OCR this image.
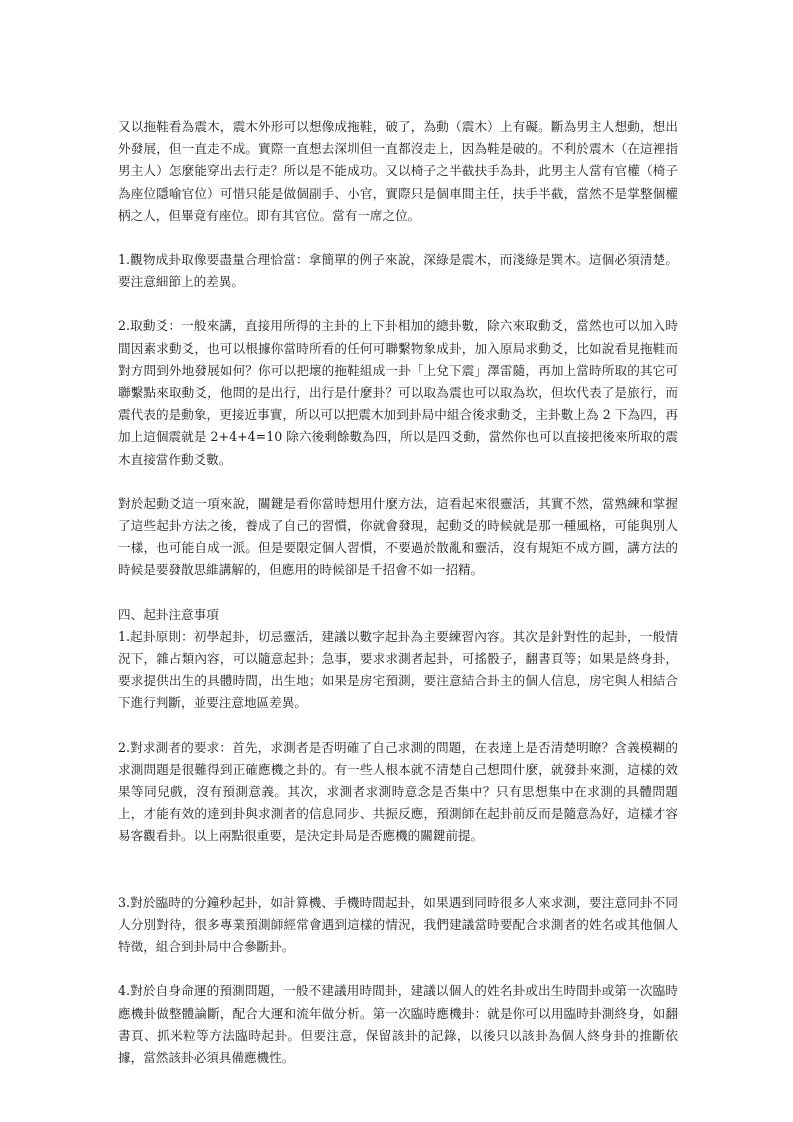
又以拖鞋看為震木，震木外形可以想像成拖鞋，破了，為動（震木）上有礙。斷為男主人想動，想出外發展，但一直走不成。實際一直想去深圳但一直都沒走上，因為鞋是破的。不利於震木（在這裡指男主人）怎麼能穿出去行走？所以是不能成功。又以椅子之半截扶手為卦，此男主人當有官權（椅子為座位隱喻官位）可惜只能是做個副手、小官，實際只是個車間主任，扶手半截，當然不是掌整個權柄之人，但畢竟有座位。即有其官位。當有一席之位。

1.觀物成卦取像要盡量合理恰當：拿簡單的例子來說，深綠是震木，而淺綠是巽木。這個必須清楚。要注意細節上的差異。

2.取動爻：一般來講，直接用所得的主卦的上下卦相加的總卦數，除六來取動爻，當然也可以加入時間因素求動爻，也可以根據你當時所看的任何可聯繫物象成卦，加入原局求動爻，比如說看見拖鞋而對方問到外地發展如何？你可以把壞的拖鞋組成一卦「上兌下震」澤雷隨，再加上當時所取的其它可聯繫點來取動爻，他問的是出行，出行是什麼卦？可以取為震也可以取為坎，但坎代表了是旅行，而震代表的是動象，更接近事實，所以可以把震木加到卦局中組合後求動爻，主卦數上為 2 下為四，再加上這個震就是 2+4+4=10 除六後剩餘數為四，所以是四爻動，當然你也可以直接把後來所取的震木直接當作動爻數。

對於起動爻這一項來說，關鍵是看你當時想用什麼方法，這看起來很靈活，其實不然，當熟練和掌握了這些起卦方法之後，養成了自己的習慣，你就會發現，起動爻的時候就是那一種風格，可能與別人一樣，也可能自成一派。但是要限定個人習慣，不要過於散亂和靈活，沒有規矩不成方圓，講方法的時候是要發散思維講解的，但應用的時候卻是千招會不如一招精。

四、起卦注意事項

1.起卦原則：初學起卦，切忌靈活，建議以數字起卦為主要練習內容。其次是針對性的起卦，一般情況下，雜占類內容，可以隨意起卦；急事，要求求測者起卦，可搖骰子，翻書頁等；如果是終身卦，要求提供出生的具體時間，出生地；如果是房宅預測，要注意結合卦主的個人信息，房宅與人相結合下進行判斷，並要注意地區差異。

2.對求測者的要求：首先，求測者是否明確了自己求測的問題，在表達上是否清楚明瞭？含義模糊的求測問題是很難得到正確應機之卦的。有一些人根本就不清楚自己想問什麼，就發卦來測，這樣的效果等同兒戲，沒有預測意義。其次，求測者求測時意念是否集中？只有思想集中在求測的具體問題上，才能有效的達到卦與求測者的信息同步、共振反應，預測師在起卦前反而是隨意為好，這樣才容易客觀看卦。以上兩點很重要，是決定卦局是否應機的關鍵前提。

3.對於臨時的分鐘秒起卦，如計算機、手機時間起卦，如果遇到同時很多人來求測，要注意同卦不同人分別對待，很多專業預測師經常會遇到這樣的情況，我們建議當時要配合求測者的姓名或其他個人特徵，組合到卦局中合參斷卦。

4.對於自身命運的預測問題，一般不建議用時間卦，建議以個人的姓名卦或出生時間卦或第一次臨時應機卦做整體論斷，配合大運和流年做分析。第一次臨時應機卦：就是你可以用臨時卦測終身，如翻書頁、抓米粒等方法臨時起卦。但要注意，保留該卦的記錄，以後只以該卦為個人終身卦的推斷依據，當然該卦必須具備應機性。
